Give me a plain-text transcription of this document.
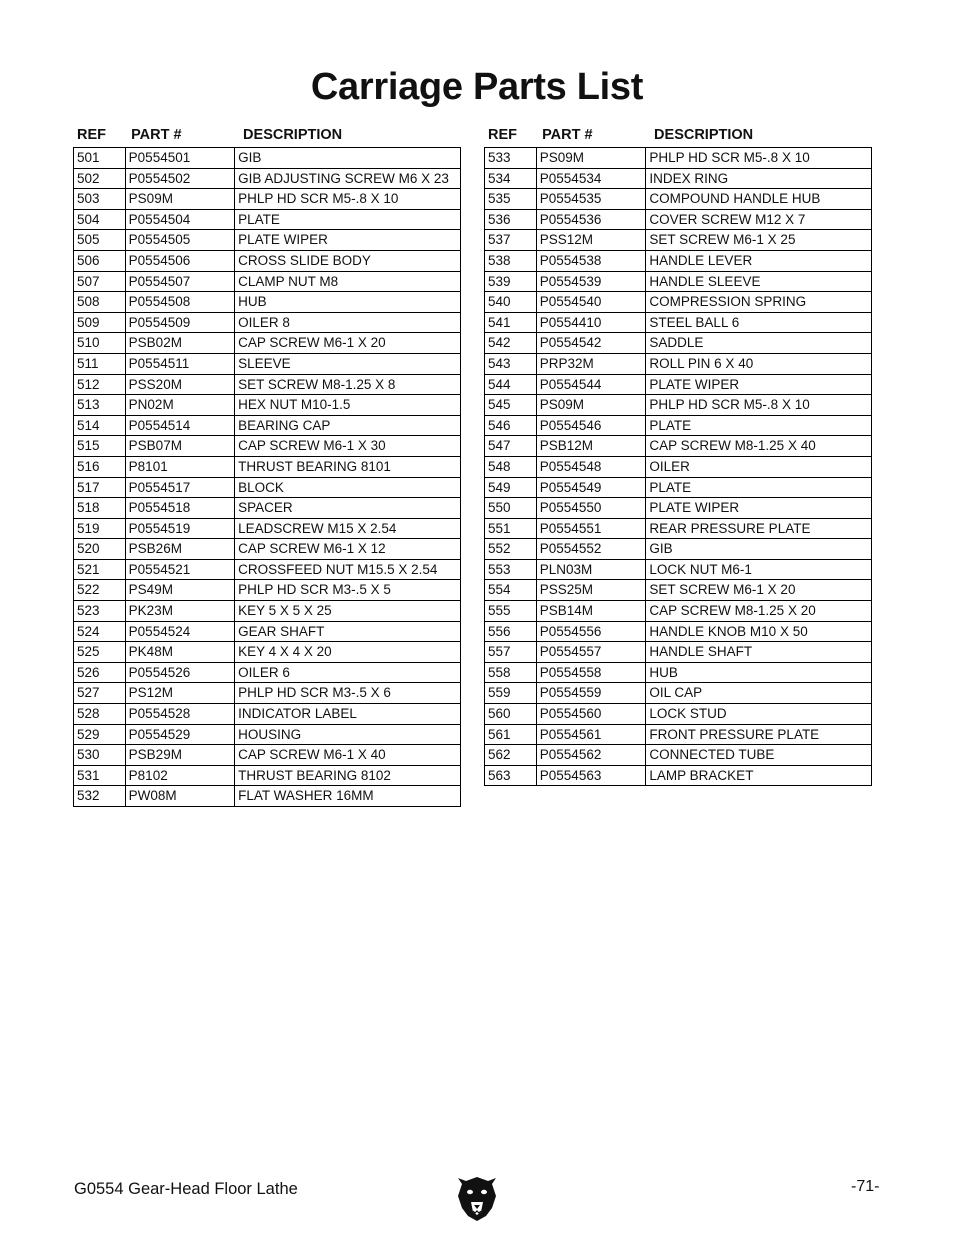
Carriage Parts List
REF	PART #	DESCRIPTION
501	P0554501	GIB
502	P0554502	GIB ADJUSTING SCREW M6 X 23
503	PS09M	PHLP HD SCR M5-.8 X 10
504	P0554504	PLATE
505	P0554505	PLATE WIPER
506	P0554506	CROSS SLIDE BODY
507	P0554507	CLAMP NUT M8
508	P0554508	HUB
509	P0554509	OILER 8
510	PSB02M	CAP SCREW M6-1 X 20
511	P0554511	SLEEVE
512	PSS20M	SET SCREW M8-1.25 X 8
513	PN02M	HEX NUT M10-1.5
514	P0554514	BEARING CAP
515	PSB07M	CAP SCREW M6-1 X 30
516	P8101	THRUST BEARING 8101
517	P0554517	BLOCK
518	P0554518	SPACER
519	P0554519	LEADSCREW M15 X 2.54
520	PSB26M	CAP SCREW M6-1 X 12
521	P0554521	CROSSFEED NUT M15.5 X 2.54
522	PS49M	PHLP HD SCR M3-.5 X 5
523	PK23M	KEY 5 X 5 X 25
524	P0554524	GEAR SHAFT
525	PK48M	KEY 4 X 4 X 20
526	P0554526	OILER 6
527	PS12M	PHLP HD SCR M3-.5 X 6
528	P0554528	INDICATOR LABEL
529	P0554529	HOUSING
530	PSB29M	CAP SCREW M6-1 X 40
531	P8102	THRUST BEARING 8102
532	PW08M	FLAT WASHER 16MM
REF	PART #	DESCRIPTION
533	PS09M	PHLP HD SCR M5-.8 X 10
534	P0554534	INDEX RING
535	P0554535	COMPOUND HANDLE HUB
536	P0554536	COVER SCREW M12 X 7
537	PSS12M	SET SCREW M6-1 X 25
538	P0554538	HANDLE LEVER
539	P0554539	HANDLE SLEEVE
540	P0554540	COMPRESSION SPRING
541	P0554410	STEEL BALL 6
542	P0554542	SADDLE
543	PRP32M	ROLL PIN 6 X 40
544	P0554544	PLATE WIPER
545	PS09M	PHLP HD SCR M5-.8 X 10
546	P0554546	PLATE
547	PSB12M	CAP SCREW M8-1.25 X 40
548	P0554548	OILER
549	P0554549	PLATE
550	P0554550	PLATE WIPER
551	P0554551	REAR PRESSURE PLATE
552	P0554552	GIB
553	PLN03M	LOCK NUT M6-1
554	PSS25M	SET SCREW M6-1 X 20
555	PSB14M	CAP SCREW M8-1.25 X 20
556	P0554556	HANDLE KNOB M10 X 50
557	P0554557	HANDLE SHAFT
558	P0554558	HUB
559	P0554559	OIL CAP
560	P0554560	LOCK STUD
561	P0554561	FRONT PRESSURE PLATE
562	P0554562	CONNECTED TUBE
563	P0554563	LAMP BRACKET
G0554 Gear-Head Floor Lathe	-71-
